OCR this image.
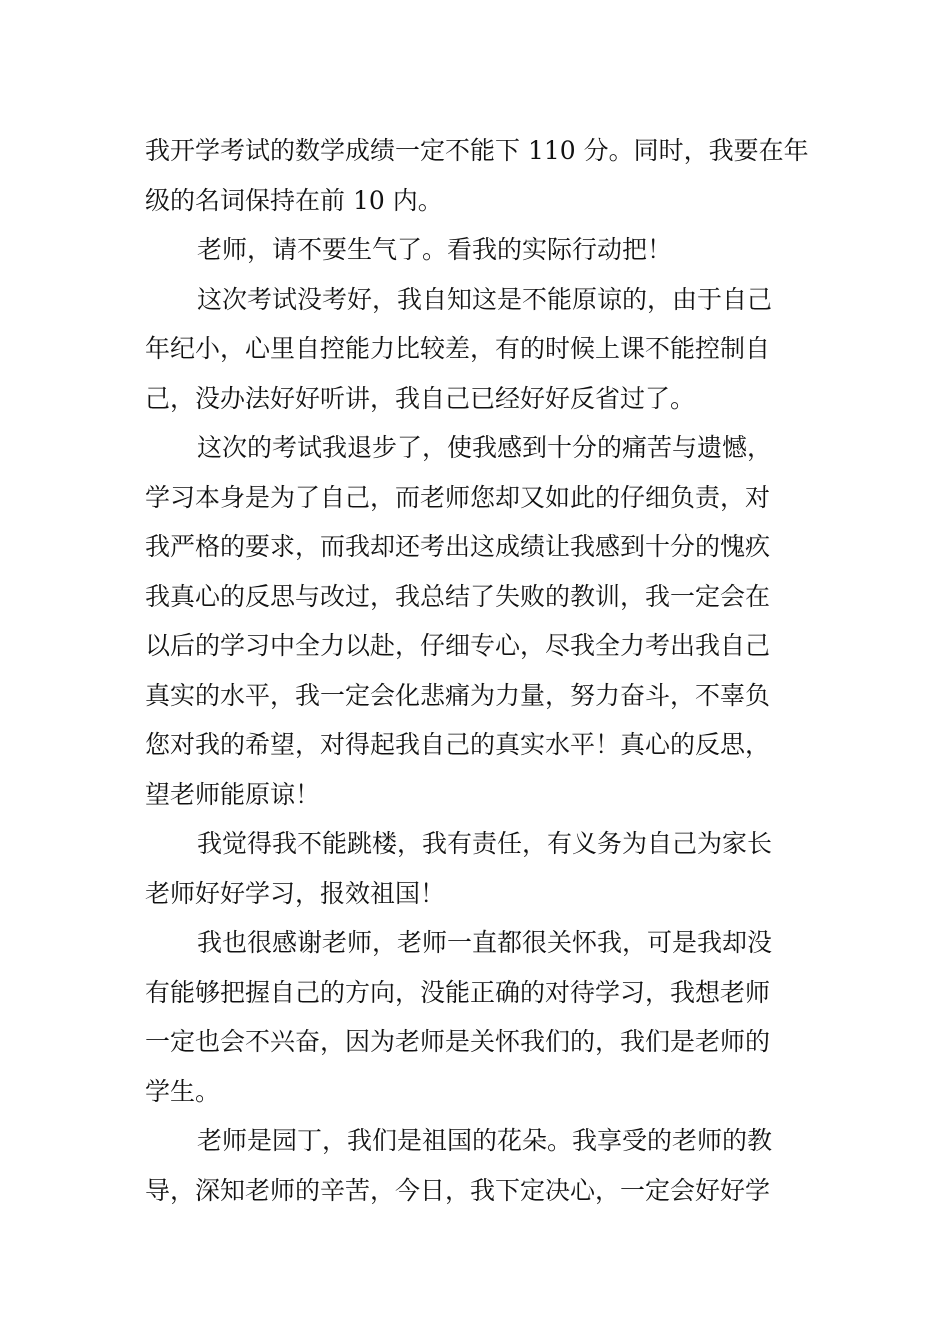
我开学考试的数学成绩一定不能下 110 分。同时，我要在年
级的名词保持在前 10 内。
老师，请不要生气了。看我的实际行动把！
这次考试没考好，我自知这是不能原谅的，由于自己
年纪小，心里自控能力比较差，有的时候上课不能控制自
己，没办法好好听讲，我自己已经好好反省过了。
这次的考试我退步了，使我感到十分的痛苦与遗憾，
学习本身是为了自己，而老师您却又如此的仔细负责，对
我严格的要求，而我却还考出这成绩让我感到十分的愧疚
我真心的反思与改过，我总结了失败的教训，我一定会在
以后的学习中全力以赴，仔细专心，尽我全力考出我自己
真实的水平，我一定会化悲痛为力量，努力奋斗，不辜负
您对我的希望，对得起我自己的真实水平！真心的反思，
望老师能原谅！
我觉得我不能跳楼，我有责任，有义务为自己为家长
老师好好学习，报效祖国！
我也很感谢老师，老师一直都很关怀我，可是我却没
有能够把握自己的方向，没能正确的对待学习，我想老师
一定也会不兴奋，因为老师是关怀我们的，我们是老师的
学生。
老师是园丁，我们是祖国的花朵。我享受的老师的教
导，深知老师的辛苦，今日，我下定决心，一定会好好学
